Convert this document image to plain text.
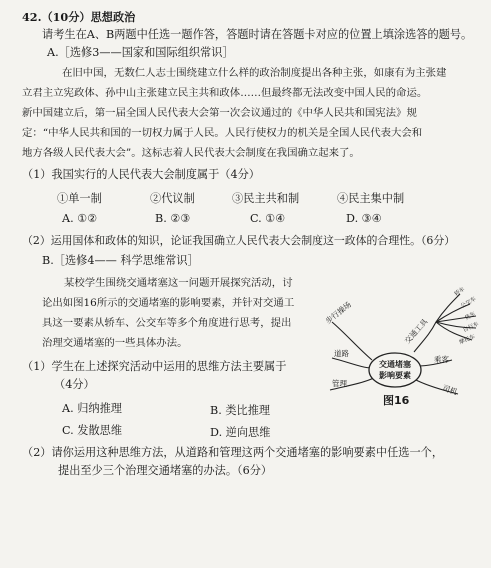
42.（10分）思想政治
请考生在A、B两题中任选一题作答，答题时请在答题卡对应的位置上填涂选答的题号。
A.［选修3——国家和国际组织常识］
在旧中国，无数仁人志士围绕建立什么样的政治制度提出各种主张，如康有为主张建
立君主立宪政体、孙中山主张建立民主共和政体……但最终都无法改变中国人民的命运。
新中国建立后，第一届全国人民代表大会第一次会议通过的《中华人民共和国宪法》规
定：“中华人民共和国的一切权力属于人民。人民行使权力的机关是全国人民代表大会和
地方各级人民代表大会”。这标志着人民代表大会制度在我国确立起来了。
（1）我国实行的人民代表大会制度属于（4分）
①单一制	②代议制	③民主共和制	④民主集中制
A. ①②	B. ②③	C. ①④	D. ③④
（2）运用国体和政体的知识，论证我国确立人民代表大会制度这一政体的合理性。（6分）
B.［选修4—— 科学思维常识］
某校学生围绕交通堵塞这一问题开展探究活动，讨
论出如图16所示的交通堵塞的影响要素，并针对交通工
具这一要素从轿车、公交车等多个角度进行思考，提出
治理交通堵塞的一些具体办法。
（1）学生在上述探究活动中运用的思维方法主要属于
（4分）
A. 归纳推理	B. 类比推理
C. 发散思维	D. 逆向思维
（2）请你运用这种思维方法，从道路和管理这两个交通堵塞的影响要素中任选一个，
提出至少三个治理交通堵塞的办法。（6分）
交通堵塞
影响要素
步行操场
交通工具
道路
管理
乘客
司机
轿车
公交车
货车
自行车
摩托车
图16
